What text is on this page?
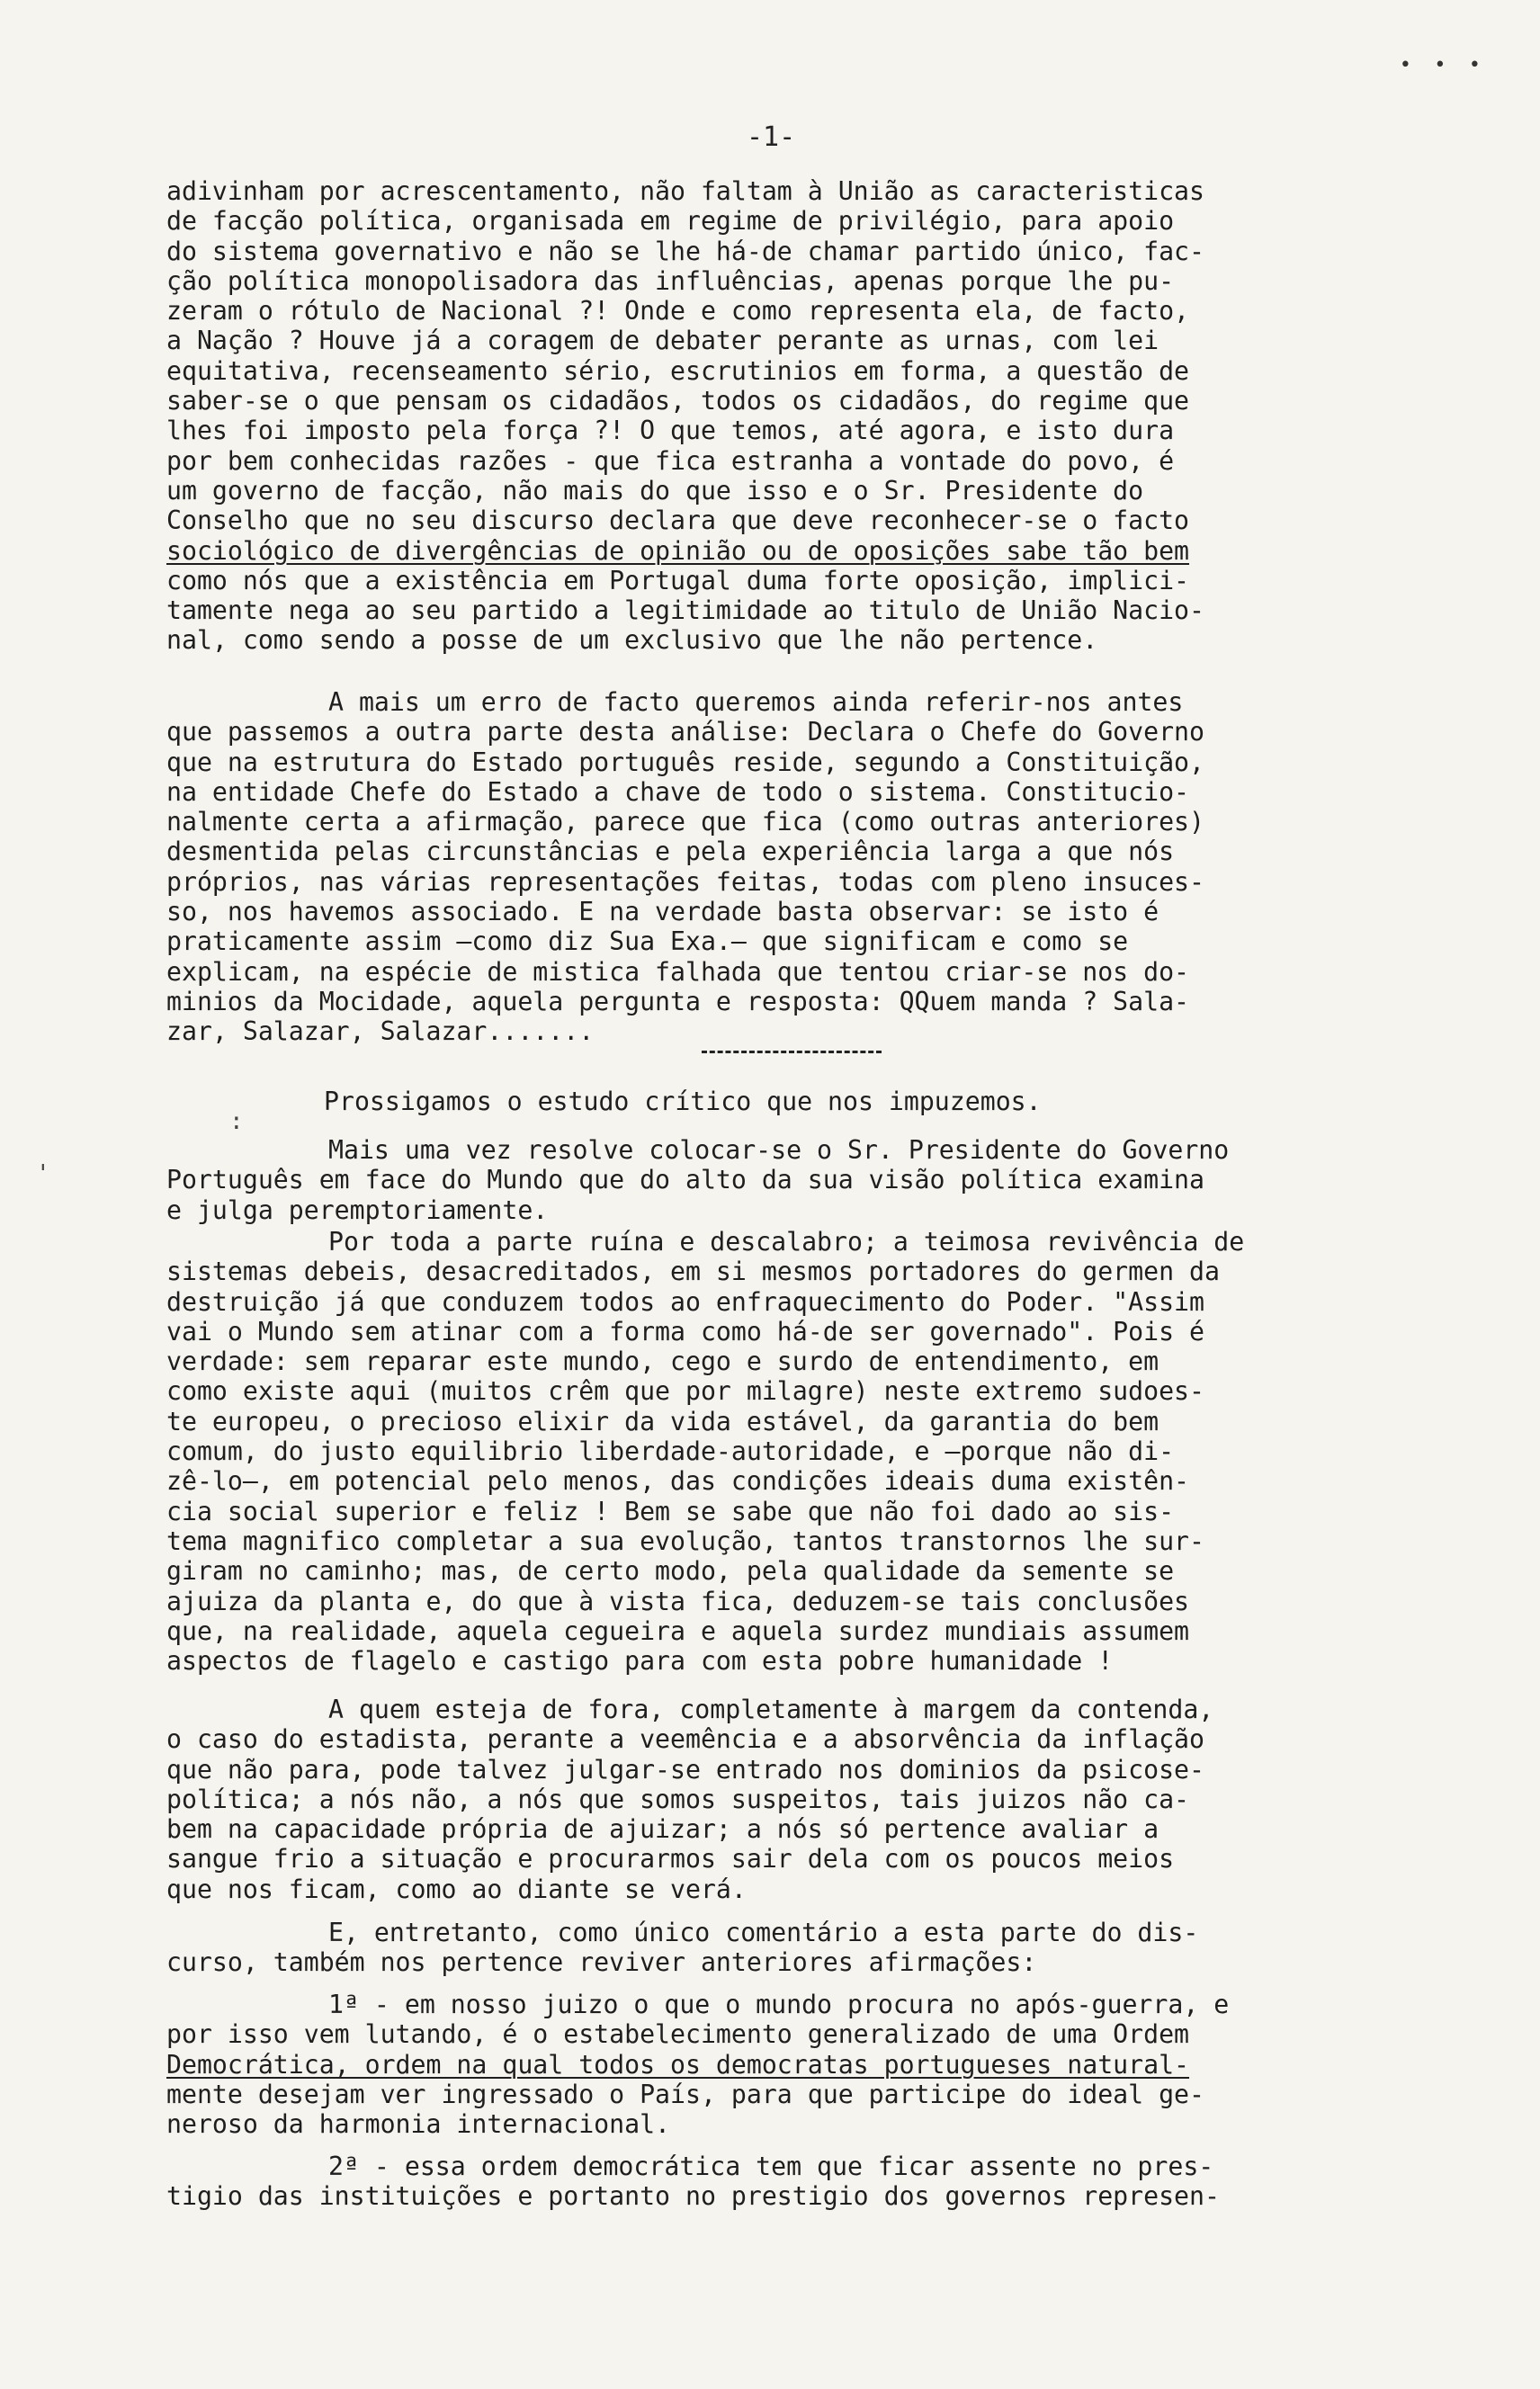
• • •
-1-
:
'
adivinham por acrescentamento, não faltam à União as caracteristicas
de facção política, organisada em regime de privilégio, para apoio
do sistema governativo e não se lhe há-de chamar partido único, fac-
ção política monopolisadora das influências, apenas porque lhe pu-
zeram o rótulo de Nacional ?! Onde e como representa ela, de facto,
a Nação ? Houve já a coragem de debater perante as urnas, com lei
equitativa, recenseamento sério, escrutinios em forma, a questão de
saber-se o que pensam os cidadãos, todos os cidadãos, do regime que
lhes foi imposto pela força ?! O que temos, até agora, e isto dura
por bem conhecidas razões - que fica estranha a vontade do povo, é
um governo de facção, não mais do que isso e o Sr. Presidente do
Conselho que no seu discurso declara que deve reconhecer-se o facto
sociológico de divergências de opinião ou de oposições sabe tão bem
como nós que a existência em Portugal duma forte oposição, implici-
tamente nega ao seu partido a legitimidade ao titulo de União Nacio-
nal, como sendo a posse de um exclusivo que lhe não pertence.
A mais um erro de facto queremos ainda referir-nos antes
que passemos a outra parte desta análise: Declara o Chefe do Governo
que na estrutura do Estado português reside, segundo a Constituição,
na entidade Chefe do Estado a chave de todo o sistema. Constitucio-
nalmente certa a afirmação, parece que fica (como outras anteriores)
desmentida pelas circunstâncias e pela experiência larga a que nós
próprios, nas várias representações feitas, todas com pleno insuces-
so, nos havemos associado. E na verdade basta observar: se isto é
praticamente assim —como diz Sua Exa.— que significam e como se
explicam, na espécie de mistica falhada que tentou criar-se nos do-
minios da Mocidade, aquela pergunta e resposta: QQuem manda ? Sala-
zar, Salazar, Salazar.......
Prossigamos o estudo crítico que nos impuzemos.
Mais uma vez resolve colocar-se o Sr. Presidente do Governo
Português em face do Mundo que do alto da sua visão política examina
e julga peremptoriamente.
Por toda a parte ruína e descalabro; a teimosa revivência de
sistemas debeis, desacreditados, em si mesmos portadores do germen da
destruição já que conduzem todos ao enfraquecimento do Poder. "Assim
vai o Mundo sem atinar com a forma como há-de ser governado". Pois é
verdade: sem reparar este mundo, cego e surdo de entendimento, em
como existe aqui (muitos crêm que por milagre) neste extremo sudoes-
te europeu, o precioso elixir da vida estável, da garantia do bem
comum, do justo equilibrio liberdade-autoridade, e —porque não di-
zê-lo—, em potencial pelo menos, das condições ideais duma existên-
cia social superior e feliz ! Bem se sabe que não foi dado ao sis-
tema magnifico completar a sua evolução, tantos transtornos lhe sur-
giram no caminho; mas, de certo modo, pela qualidade da semente se
ajuiza da planta e, do que à vista fica, deduzem-se tais conclusões
que, na realidade, aquela cegueira e aquela surdez mundiais assumem
aspectos de flagelo e castigo para com esta pobre humanidade !
A quem esteja de fora, completamente à margem da contenda,
o caso do estadista, perante a veemência e a absorvência da inflação
que não para, pode talvez julgar-se entrado nos dominios da psicose-
política; a nós não, a nós que somos suspeitos, tais juizos não ca-
bem na capacidade própria de ajuizar; a nós só pertence avaliar a
sangue frio a situação e procurarmos sair dela com os poucos meios
que nos ficam, como ao diante se verá.
E, entretanto, como único comentário a esta parte do dis-
curso, também nos pertence reviver anteriores afirmações:
1ª - em nosso juizo o que o mundo procura no após-guerra, e
por isso vem lutando, é o estabelecimento generalizado de uma Ordem
Democrática, ordem na qual todos os democratas portugueses natural-
mente desejam ver ingressado o País, para que participe do ideal ge-
neroso da harmonia internacional.
2ª - essa ordem democrática tem que ficar assente no pres-
tigio das instituições e portanto no prestigio dos governos represen-
